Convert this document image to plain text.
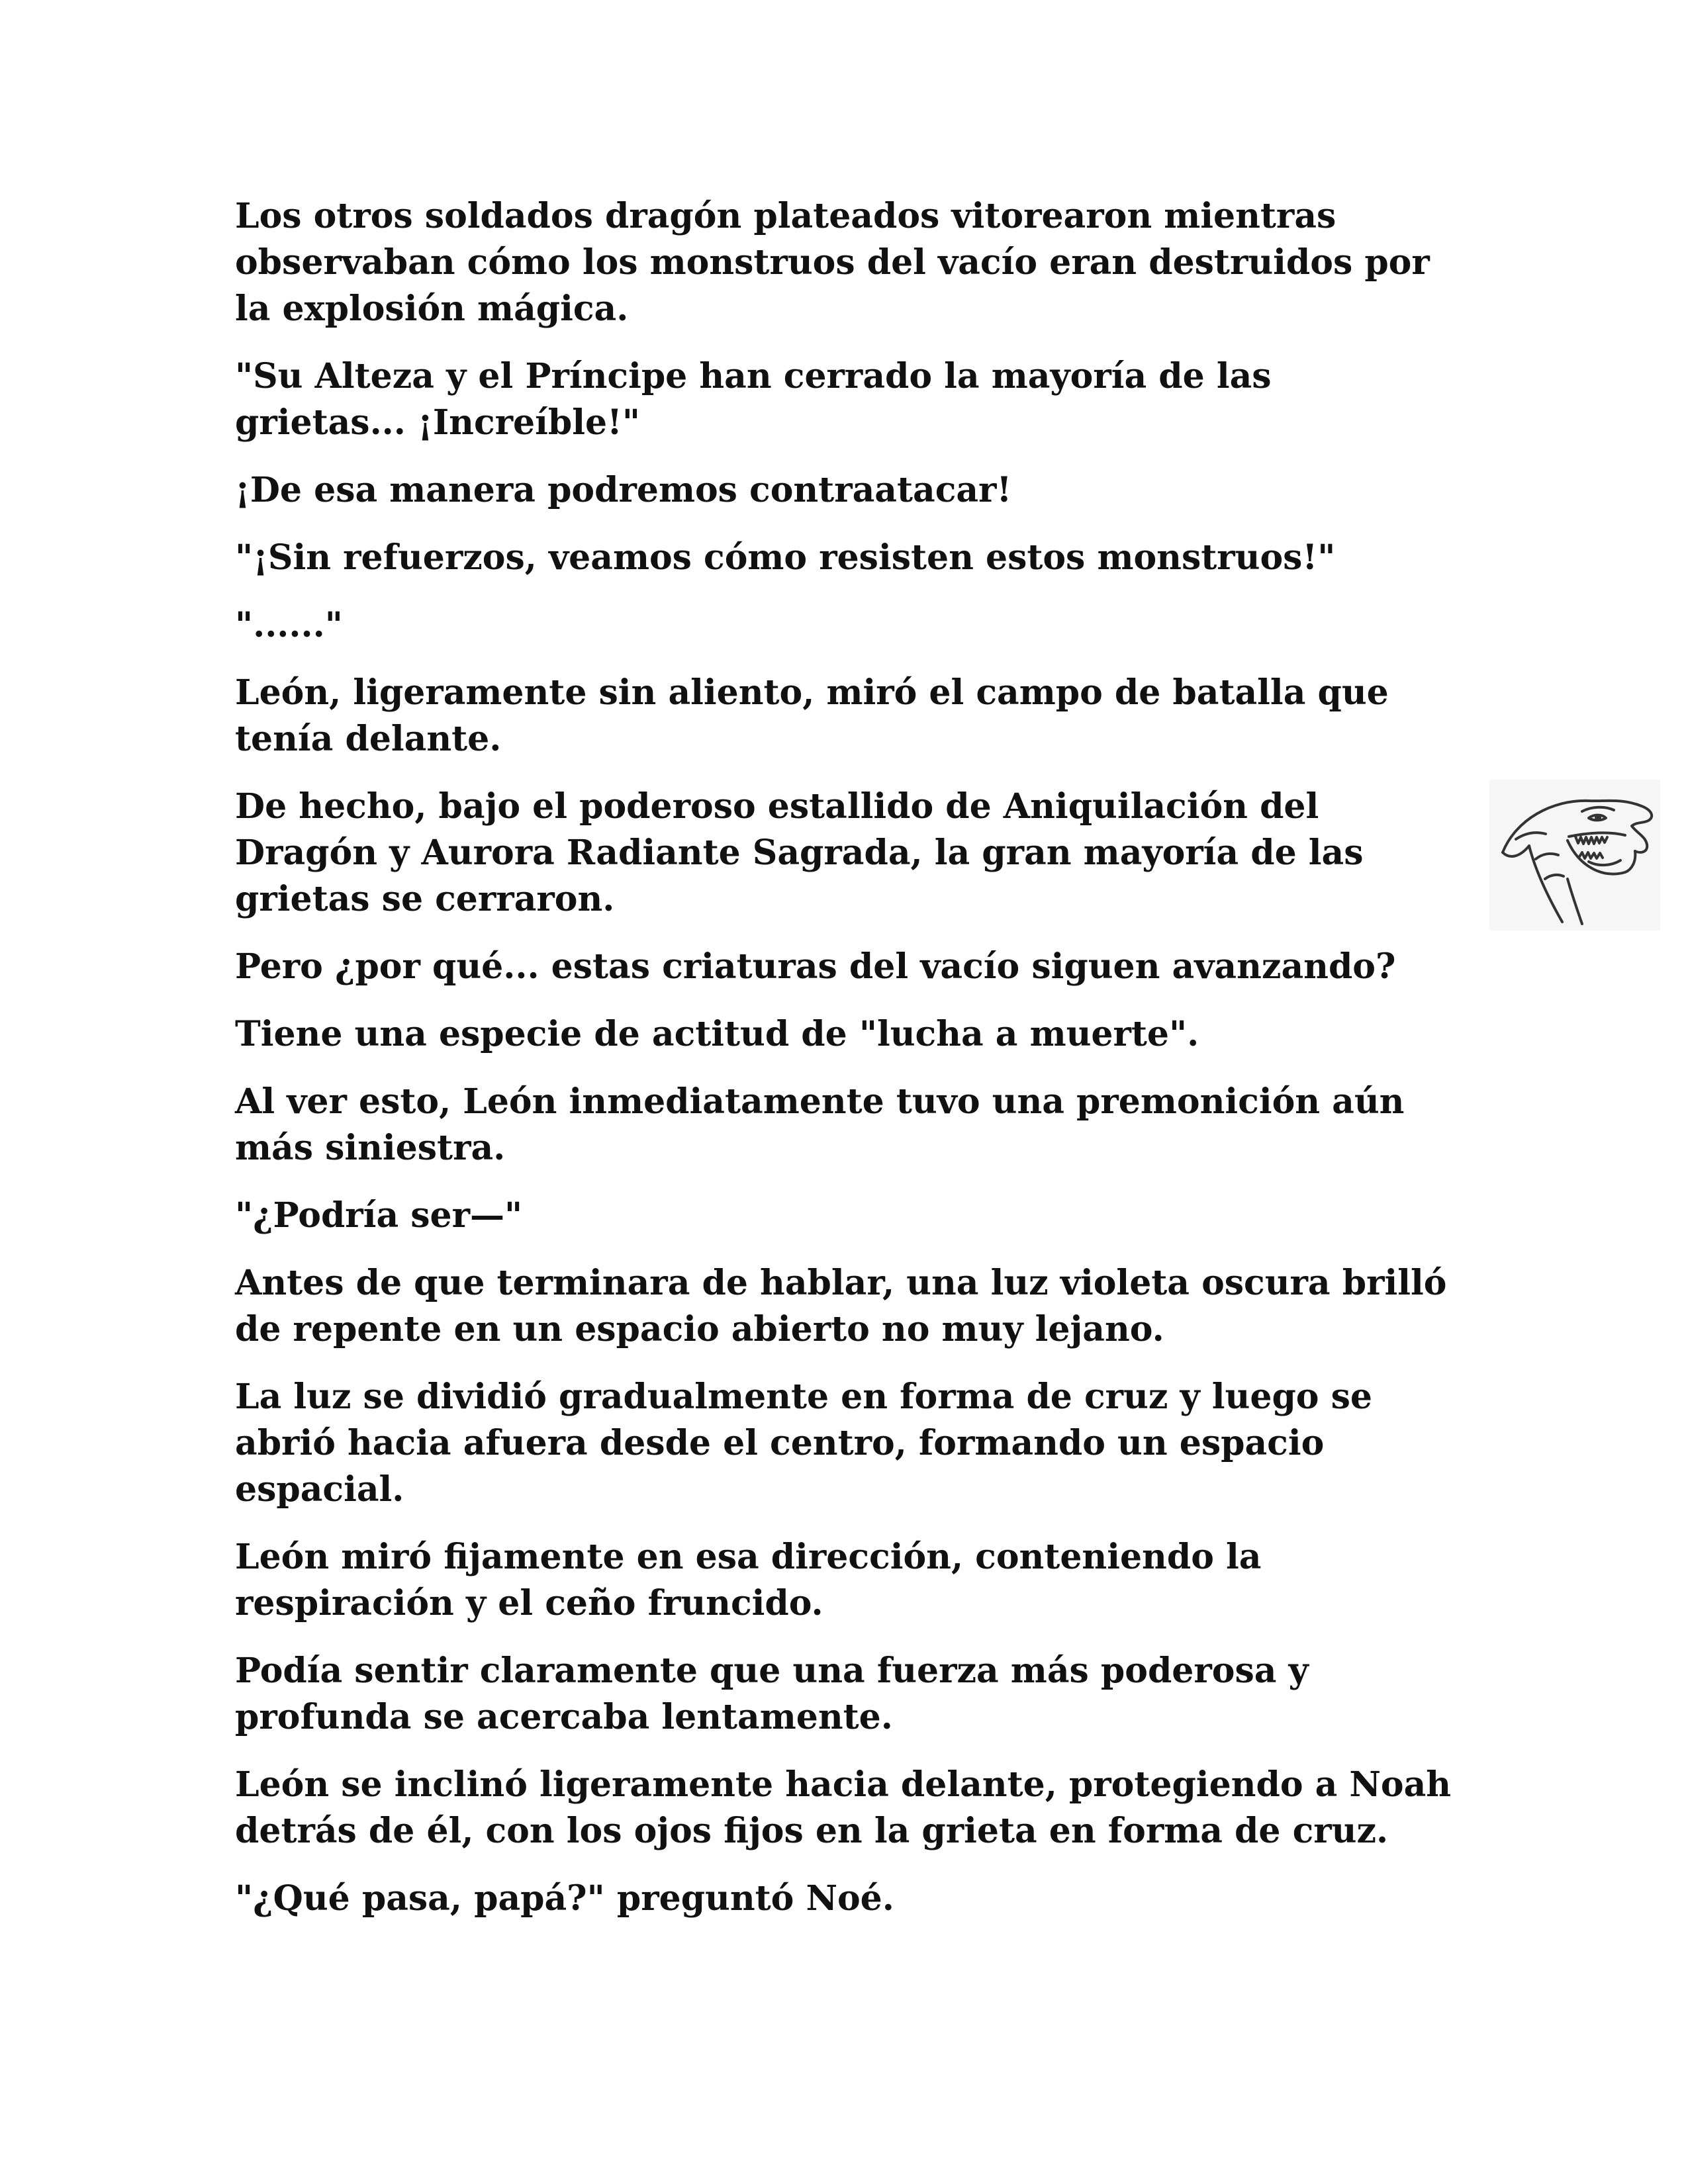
Los otros soldados dragón plateados vitorearon mientras observaban cómo los monstruos del vacío eran destruidos por la explosión mágica.

"Su Alteza y el Príncipe han cerrado la mayoría de las grietas... ¡Increíble!"

¡De esa manera podremos contraatacar!

"¡Sin refuerzos, veamos cómo resisten estos monstruos!"

"......"

León, ligeramente sin aliento, miró el campo de batalla que tenía delante.

De hecho, bajo el poderoso estallido de Aniquilación del Dragón y Aurora Radiante Sagrada, la gran mayoría de las grietas se cerraron.

Pero ¿por qué... estas criaturas del vacío siguen avanzando?

Tiene una especie de actitud de "lucha a muerte".

Al ver esto, León inmediatamente tuvo una premonición aún más siniestra.

"¿Podría ser—"

Antes de que terminara de hablar, una luz violeta oscura brilló de repente en un espacio abierto no muy lejano.

La luz se dividió gradualmente en forma de cruz y luego se abrió hacia afuera desde el centro, formando un espacio espacial.

León miró fijamente en esa dirección, conteniendo la respiración y el ceño fruncido.

Podía sentir claramente que una fuerza más poderosa y profunda se acercaba lentamente.

León se inclinó ligeramente hacia delante, protegiendo a Noah detrás de él, con los ojos fijos en la grieta en forma de cruz.

"¿Qué pasa, papá?" preguntó Noé.
